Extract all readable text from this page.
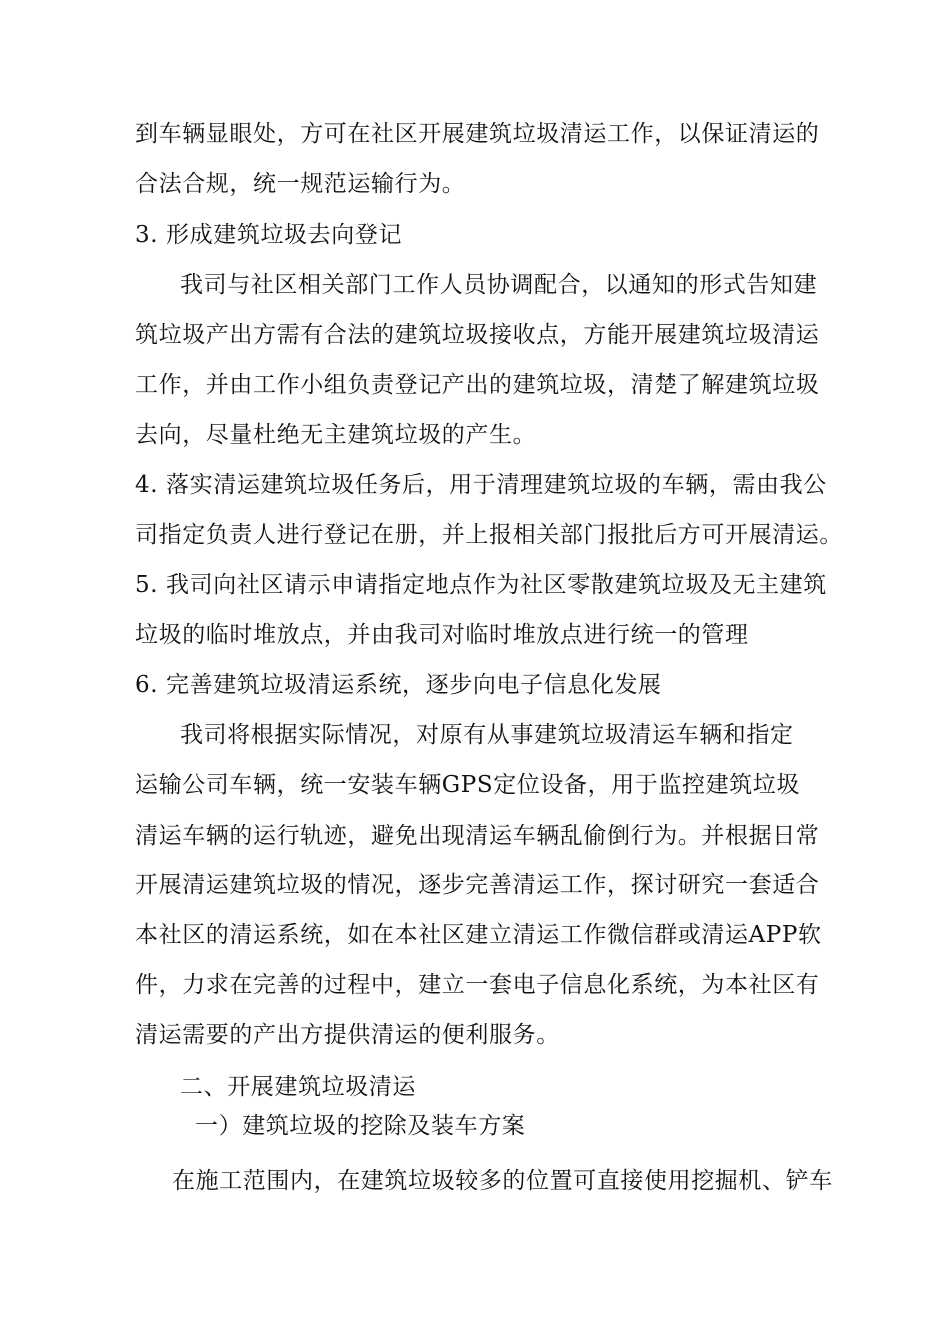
到车辆显眼处，方可在社区开展建筑垃圾清运工作，以保证清运的
合法合规，统一规范运输行为。
3. 形成建筑垃圾去向登记
我司与社区相关部门工作人员协调配合，以通知的形式告知建
筑垃圾产出方需有合法的建筑垃圾接收点，方能开展建筑垃圾清运
工作，并由工作小组负责登记产出的建筑垃圾，清楚了解建筑垃圾
去向，尽量杜绝无主建筑垃圾的产生。
4. 落实清运建筑垃圾任务后，用于清理建筑垃圾的车辆，需由我公
司指定负责人进行登记在册，并上报相关部门报批后方可开展清运。
5. 我司向社区请示申请指定地点作为社区零散建筑垃圾及无主建筑
垃圾的临时堆放点，并由我司对临时堆放点进行统一的管理
6. 完善建筑垃圾清运系统，逐步向电子信息化发展
我司将根据实际情况，对原有从事建筑垃圾清运车辆和指定
运输公司车辆，统一安装车辆GPS定位设备，用于监控建筑垃圾
清运车辆的运行轨迹，避免出现清运车辆乱偷倒行为。并根据日常
开展清运建筑垃圾的情况，逐步完善清运工作，探讨研究一套适合
本社区的清运系统，如在本社区建立清运工作微信群或清运APP软
件，力求在完善的过程中，建立一套电子信息化系统，为本社区有
清运需要的产出方提供清运的便利服务。
二、开展建筑垃圾清运
一）建筑垃圾的挖除及装车方案
在施工范围内，在建筑垃圾较多的位置可直接使用挖掘机、铲车
